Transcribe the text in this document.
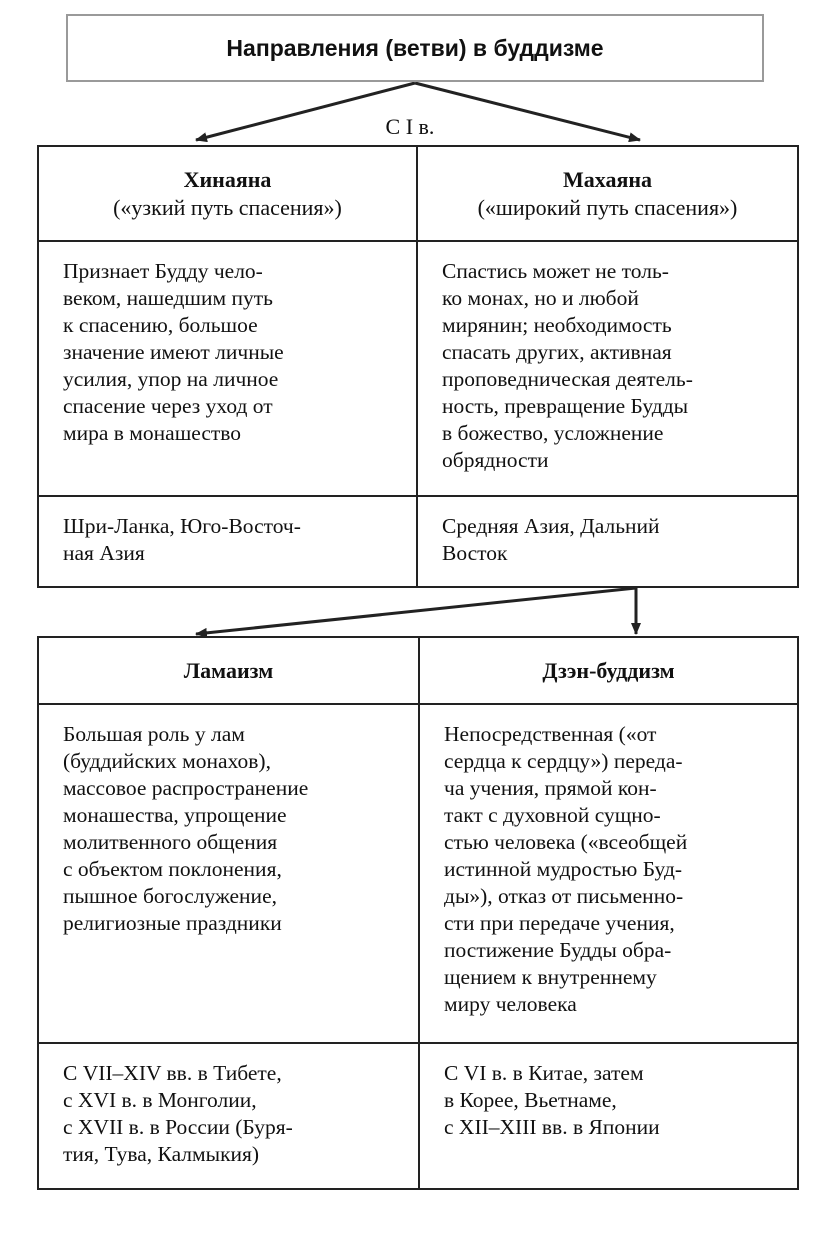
Направления (ветви) в буддизме
С I в.
Хинаяна
(«узкий путь спасения»)
Махаяна
(«широкий путь спасения»)
Признает Будду чело-
веком, нашедшим путь
к спасению, большое
значение имеют личные
усилия, упор на личное
спасение через уход от
мира в монашество
Спастись может не толь-
ко монах, но и любой
мирянин; необходимость
спасать других, активная
проповедническая деятель-
ность, превращение Будды
в божество, усложнение
обрядности
Шри-Ланка, Юго-Восточ-
ная Азия
Средняя Азия, Дальний
Восток
Ламаизм	Дзэн-буддизм
Большая роль у лам
(буддийских монахов),
массовое распространение
монашества, упрощение
молитвенного общения
с объектом поклонения,
пышное богослужение,
религиозные праздники
Непосредственная («от
сердца к сердцу») переда-
ча учения, прямой кон-
такт с духовной сущно-
стью человека («всеобщей
истинной мудростью Буд-
ды»), отказ от письменно-
сти при передаче учения,
постижение Будды обра-
щением к внутреннему
миру человека
С VII–XIV вв. в Тибете,
с XVI в. в Монголии,
с XVII в. в России (Буря-
тия, Тува, Калмыкия)
С VI в. в Китае, затем
в Корее, Вьетнаме,
с XII–XIII вв. в Японии
